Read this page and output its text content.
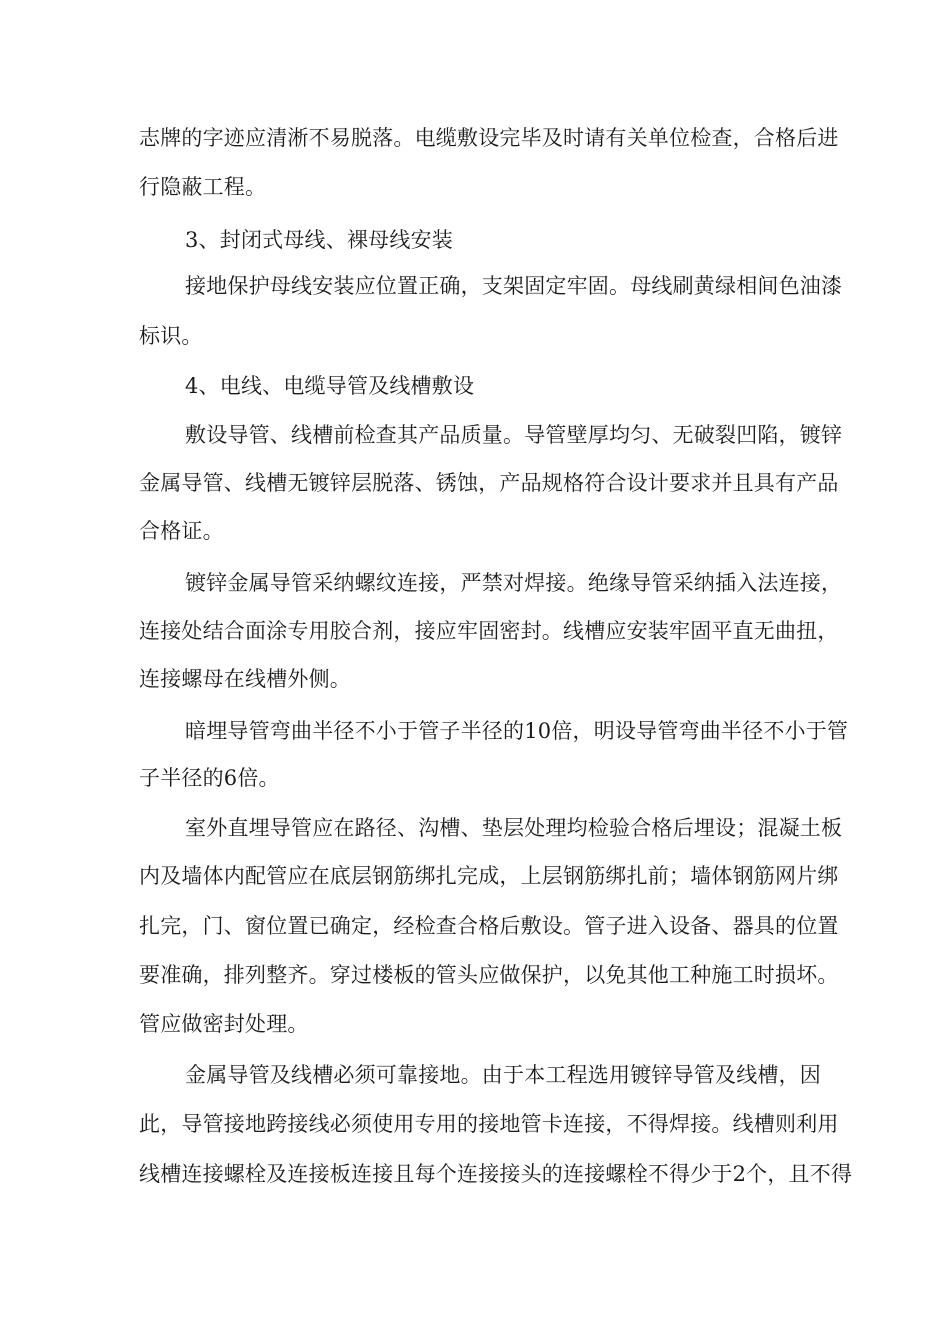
志牌的字迹应清淅不易脱落。电缆敷设完毕及时请有关单位检查，合格后进

行隐蔽工程。

3、封闭式母线、裸母线安装

接地保护母线安装应位置正确，支架固定牢固。母线刷黄绿相间色油漆

标识。

4、电线、电缆导管及线槽敷设

敷设导管、线槽前检查其产品质量。导管壁厚均匀、无破裂凹陷，镀锌

金属导管、线槽无镀锌层脱落、锈蚀，产品规格符合设计要求并且具有产品

合格证。

镀锌金属导管采纳螺纹连接，严禁对焊接。绝缘导管采纳插入法连接，

连接处结合面涂专用胶合剂，接应牢固密封。线槽应安装牢固平直无曲扭，

连接螺母在线槽外侧。

暗埋导管弯曲半径不小于管子半径的10倍，明设导管弯曲半径不小于管

子半径的6倍。

室外直埋导管应在路径、沟槽、垫层处理均检验合格后埋设；混凝土板

内及墙体内配管应在底层钢筋绑扎完成，上层钢筋绑扎前；墙体钢筋网片绑

扎完，门、窗位置已确定，经检查合格后敷设。管子进入设备、器具的位置

要准确，排列整齐。穿过楼板的管头应做保护，以免其他工种施工时损坏。

管应做密封处理。

金属导管及线槽必须可靠接地。由于本工程选用镀锌导管及线槽，因

此，导管接地跨接线必须使用专用的接地管卡连接，不得焊接。线槽则利用

线槽连接螺栓及连接板连接且每个连接接头的连接螺栓不得少于2个，且不得
